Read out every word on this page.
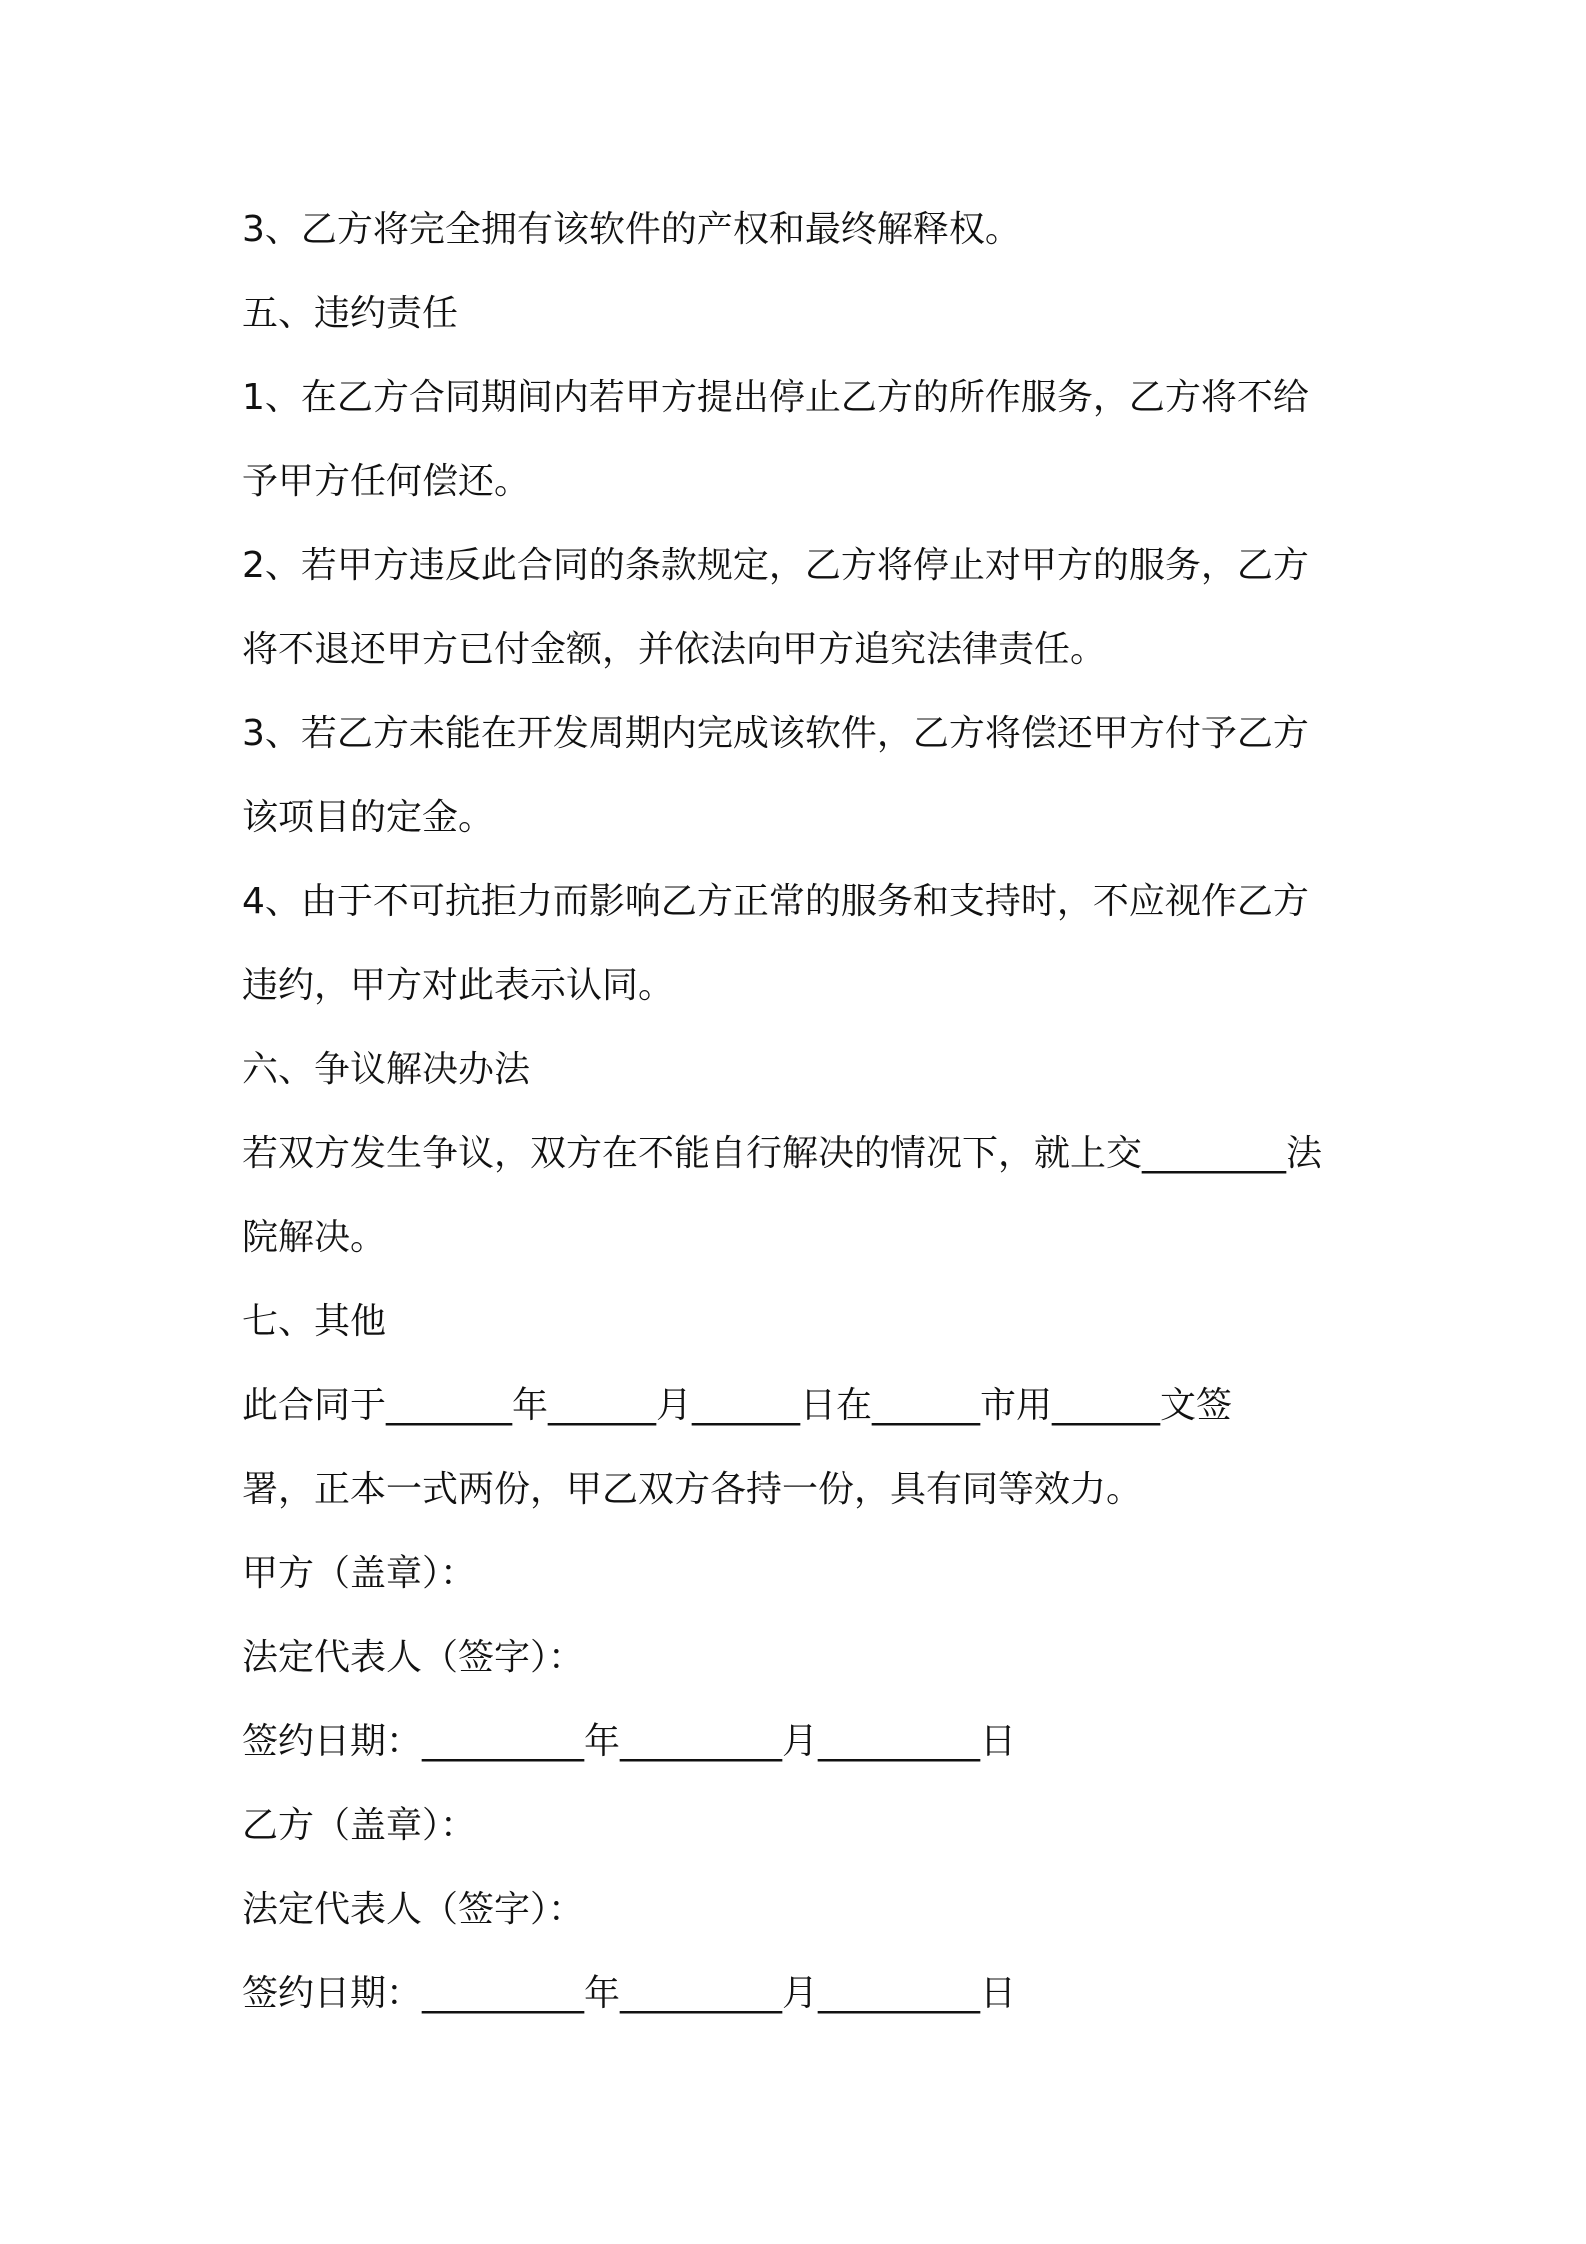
3、乙方将完全拥有该软件的产权和最终解释权。

五、违约责任

1、在乙方合同期间内若甲方提出停止乙方的所作服务，乙方将不给

予甲方任何偿还。

2、若甲方违反此合同的条款规定，乙方将停止对甲方的服务，乙方

将不退还甲方已付金额，并依法向甲方追究法律责任。

3、若乙方未能在开发周期内完成该软件，乙方将偿还甲方付予乙方

该项目的定金。

4、由于不可抗拒力而影响乙方正常的服务和支持时，不应视作乙方

违约，甲方对此表示认同。

六、争议解决办法

若双方发生争议，双方在不能自行解决的情况下，就上交________法

院解决。

七、其他

此合同于_______年______月______日在______市用______文签

署，正本一式两份，甲乙双方各持一份，具有同等效力。

甲方（盖章）：

法定代表人（签字）：

签约日期：_________年_________月_________日

乙方（盖章）：

法定代表人（签字）：

签约日期：_________年_________月_________日
